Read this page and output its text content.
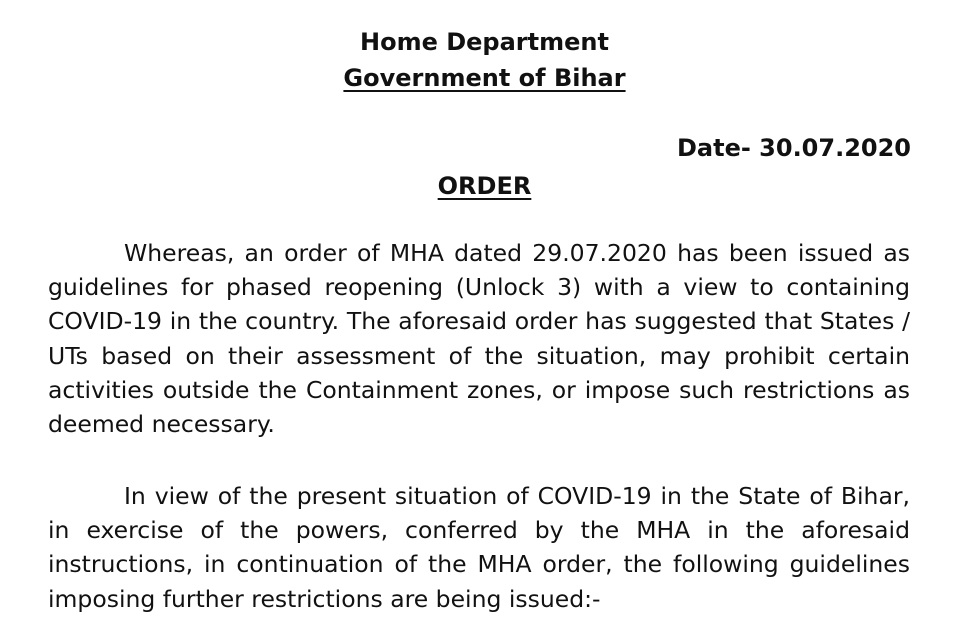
Home Department
Government of Bihar
Date- 30.07.2020
ORDER

Whereas, an order of MHA dated 29.07.2020 has been issued as guidelines for phased reopening (Unlock 3) with a view to containing COVID-19 in the country. The aforesaid order has suggested that States / UTs based on their assessment of the situation, may prohibit certain activities outside the Containment zones, or impose such restrictions as deemed necessary.

In view of the present situation of COVID-19 in the State of Bihar, in exercise of the powers, conferred by the MHA in the aforesaid instructions, in continuation of the MHA order, the following guidelines imposing further restrictions are being issued:-
